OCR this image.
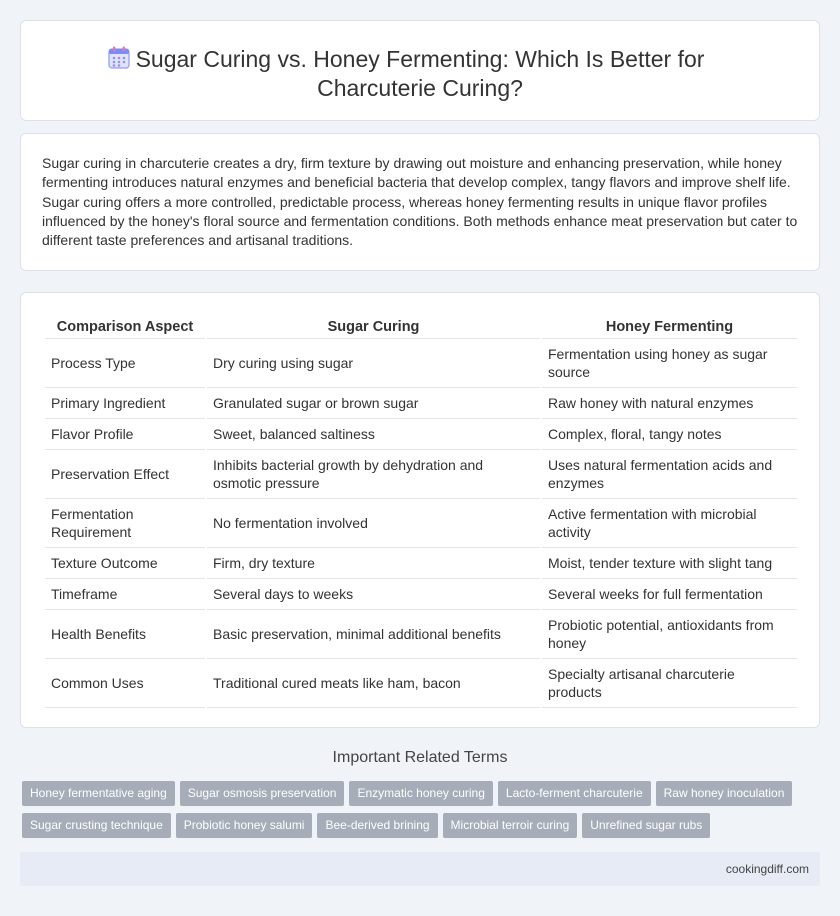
Sugar Curing vs. Honey Fermenting: Which Is Better for Charcuterie Curing?

Sugar curing in charcuterie creates a dry, firm texture by drawing out moisture and enhancing preservation, while honey fermenting introduces natural enzymes and beneficial bacteria that develop complex, tangy flavors and improve shelf life. Sugar curing offers a more controlled, predictable process, whereas honey fermenting results in unique flavor profiles influenced by the honey's floral source and fermentation conditions. Both methods enhance meat preservation but cater to different taste preferences and artisanal traditions.

Comparison Aspect	Sugar Curing	Honey Fermenting
Process Type	Dry curing using sugar	Fermentation using honey as sugar source
Primary Ingredient	Granulated sugar or brown sugar	Raw honey with natural enzymes
Flavor Profile	Sweet, balanced saltiness	Complex, floral, tangy notes
Preservation Effect	Inhibits bacterial growth by dehydration and osmotic pressure	Uses natural fermentation acids and enzymes
Fermentation Requirement	No fermentation involved	Active fermentation with microbial activity
Texture Outcome	Firm, dry texture	Moist, tender texture with slight tang
Timeframe	Several days to weeks	Several weeks for full fermentation
Health Benefits	Basic preservation, minimal additional benefits	Probiotic potential, antioxidants from honey
Common Uses	Traditional cured meats like ham, bacon	Specialty artisanal charcuterie products
Important Related Terms
Honey fermentative aging Sugar osmosis preservation Enzymatic honey curing Lacto-ferment charcuterie Raw honey inoculation
Sugar crusting technique Probiotic honey salumi Bee-derived brining Microbial terroir curing Unrefined sugar rubs
cookingdiff.com
